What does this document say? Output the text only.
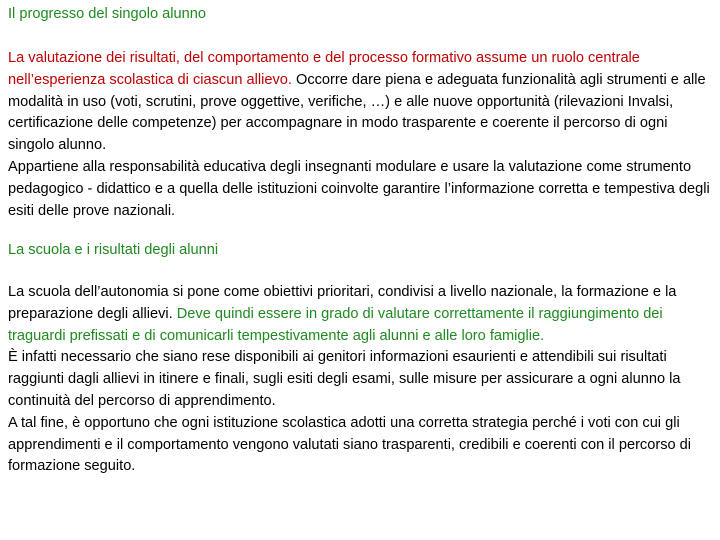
Il progresso del singolo alunno

La valutazione dei risultati, del comportamento e del processo formativo assume un ruolo centrale nell’esperienza scolastica di ciascun allievo. Occorre dare piena e adeguata funzionalità agli strumenti e alle modalità in uso (voti, scrutini, prove oggettive, verifiche, …) e alle nuove opportunità (rilevazioni Invalsi, certificazione delle competenze) per accompagnare in modo trasparente e coerente il percorso di ogni singolo alunno.

Appartiene alla responsabilità educativa degli insegnanti modulare e usare la valutazione come strumento pedagogico - didattico e a quella delle istituzioni coinvolte garantire l’informazione corretta e tempestiva degli esiti delle prove nazionali.

La scuola e i risultati degli alunni

La scuola dell’autonomia si pone come obiettivi prioritari, condivisi a livello nazionale, la formazione e la preparazione degli allievi. Deve quindi essere in grado di valutare correttamente il raggiungimento dei traguardi prefissati e di comunicarli tempestivamente agli alunni e alle loro famiglie.

È infatti necessario che siano rese disponibili ai genitori informazioni esaurienti e attendibili sui risultati raggiunti dagli allievi in itinere e finali, sugli esiti degli esami, sulle misure per assicurare a ogni alunno la continuità del percorso di apprendimento.

A tal fine, è opportuno che ogni istituzione scolastica adotti una corretta strategia perché i voti con cui gli apprendimenti e il comportamento vengono valutati siano trasparenti, credibili e coerenti con il percorso di formazione seguito.
